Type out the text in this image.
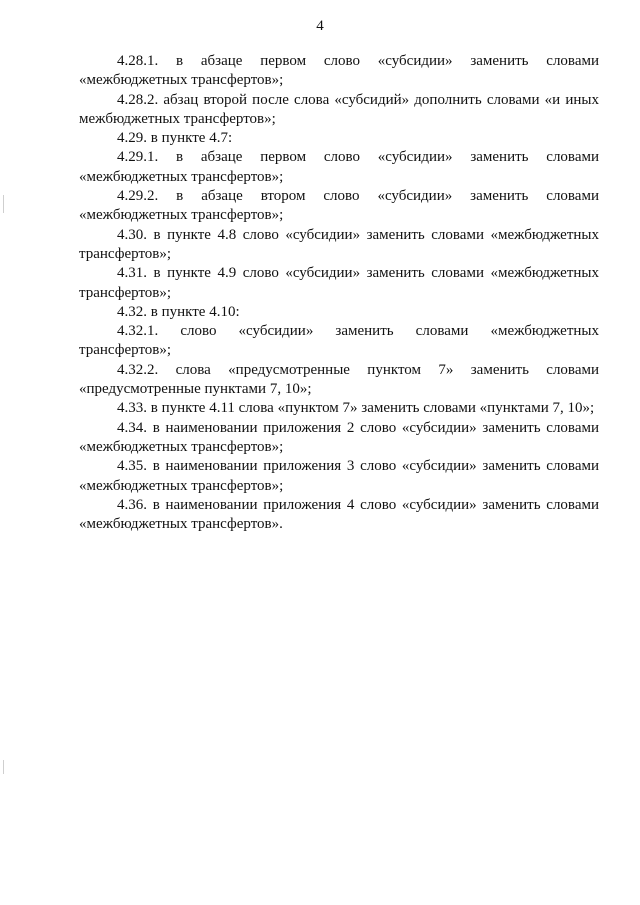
4

4.28.1. в абзаце первом слово «субсидии» заменить словами «межбюджетных трансфертов»;

4.28.2. абзац второй после слова «субсидий» дополнить словами «и иных межбюджетных трансфертов»;

4.29. в пункте 4.7:

4.29.1. в абзаце первом слово «субсидии» заменить словами «межбюджетных трансфертов»;

4.29.2. в абзаце втором слово «субсидии» заменить словами «межбюджетных трансфертов»;

4.30. в пункте 4.8 слово «субсидии» заменить словами «межбюджетных трансфертов»;

4.31. в пункте 4.9 слово «субсидии» заменить словами «межбюджетных трансфертов»;

4.32. в пункте 4.10:

4.32.1. слово «субсидии» заменить словами «межбюджетных трансфертов»;

4.32.2. слова «предусмотренные пунктом 7» заменить словами «предусмотренные пунктами 7, 10»;

4.33. в пункте 4.11 слова «пунктом 7» заменить словами «пунктами 7, 10»;

4.34. в наименовании приложения 2 слово «субсидии» заменить словами «межбюджетных трансфертов»;

4.35. в наименовании приложения 3 слово «субсидии» заменить словами «межбюджетных трансфертов»;

4.36. в наименовании приложения 4 слово «субсидии» заменить словами «межбюджетных трансфертов».
